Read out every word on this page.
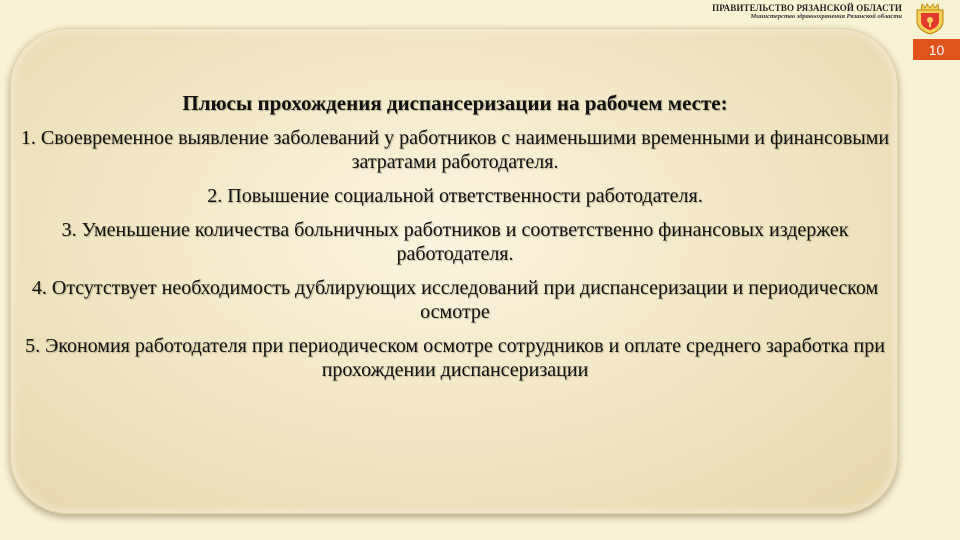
ПРАВИТЕЛЬСТВО РЯЗАНСКОЙ ОБЛАСТИ
Министерство здравоохранения Рязанской области
10
Плюсы прохождения диспансеризации на рабочем месте:
1. Своевременное выявление заболеваний у работников с наименьшими временными и финансовыми затратами работодателя.
2. Повышение социальной ответственности работодателя.
3. Уменьшение количества больничных работников и соответственно финансовых издержек работодателя.
4. Отсутствует необходимость дублирующих исследований при диспансеризации и периодическом осмотре
5. Экономия работодателя при периодическом осмотре сотрудников и оплате среднего заработка при прохождении диспансеризации
